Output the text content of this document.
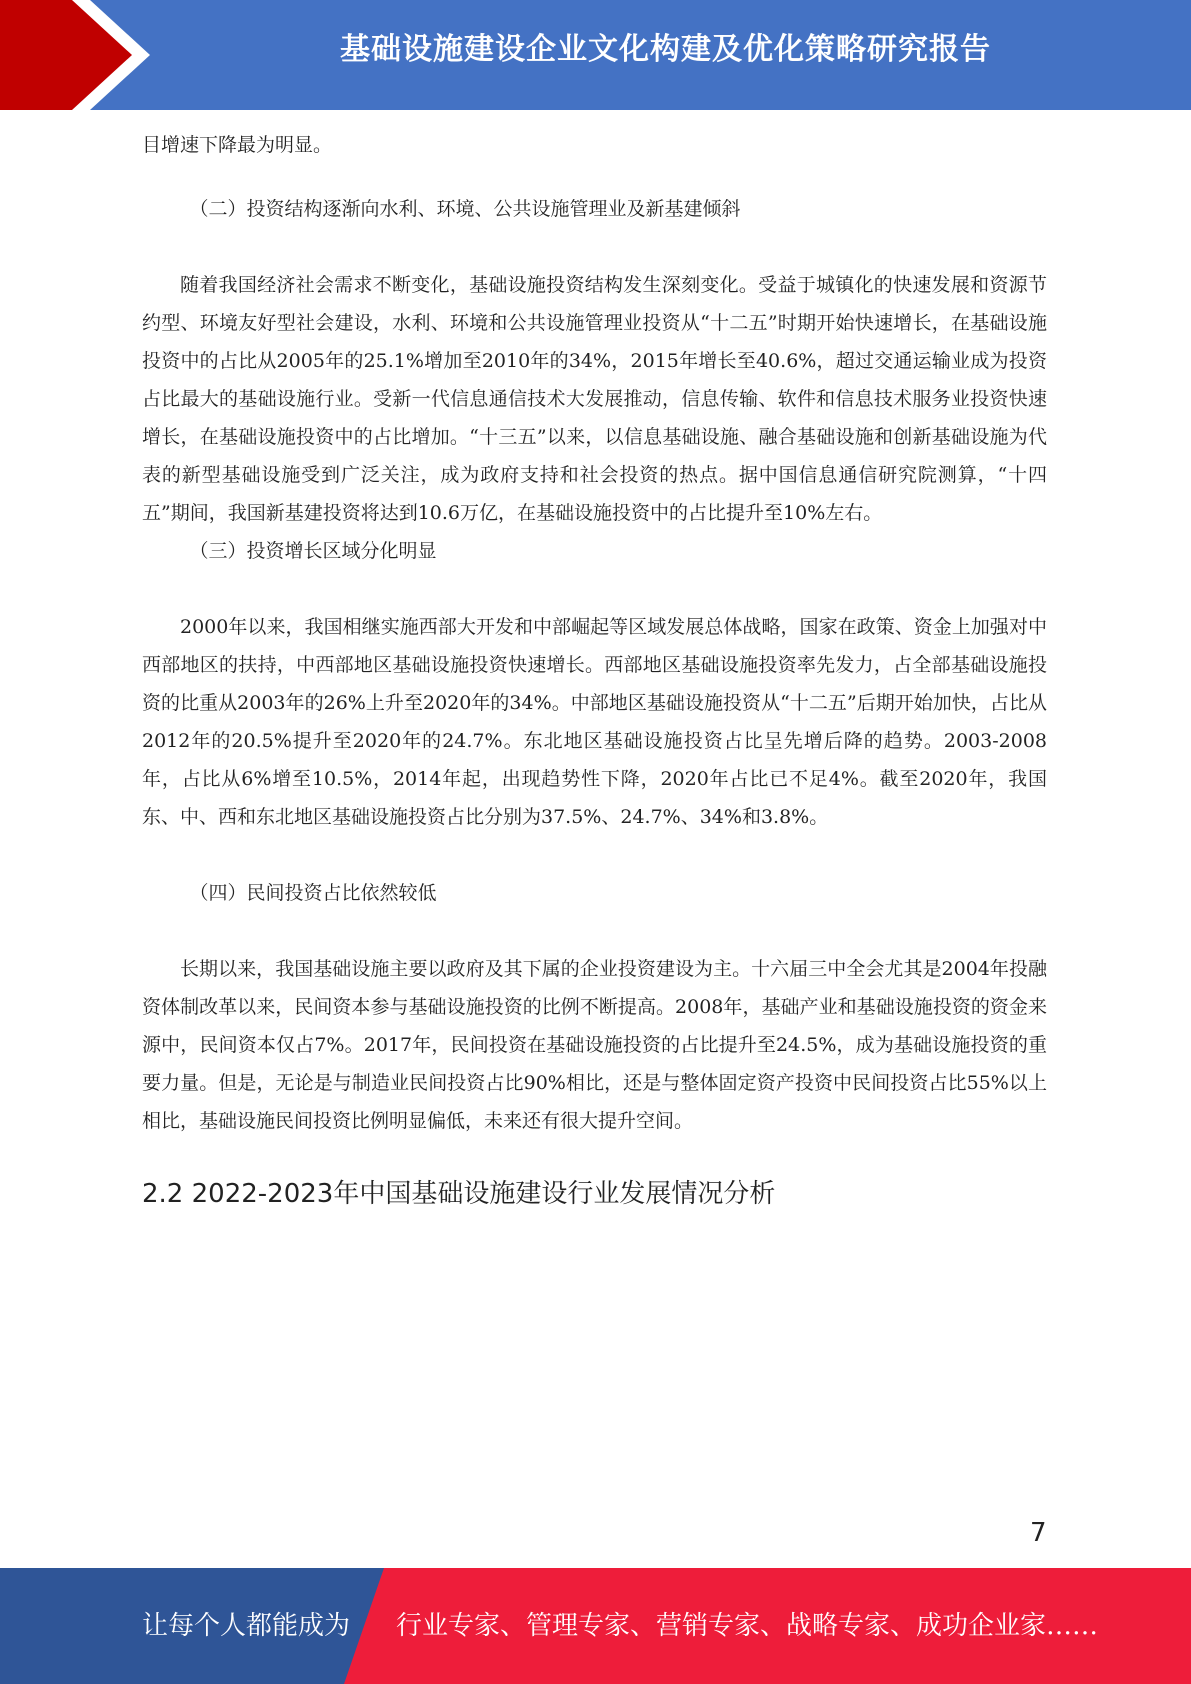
基础设施建设企业文化构建及优化策略研究报告

目增速下降最为明显。

（二）投资结构逐渐向水利、环境、公共设施管理业及新基建倾斜

随着我国经济社会需求不断变化，基础设施投资结构发生深刻变化。受益于城镇化的快速发展和资源节约型、环境友好型社会建设，水利、环境和公共设施管理业投资从“十二五”时期开始快速增长，在基础设施投资中的占比从2005年的25.1%增加至2010年的34%，2015年增长至40.6%，超过交通运输业成为投资占比最大的基础设施行业。受新一代信息通信技术大发展推动，信息传输、软件和信息技术服务业投资快速增长，在基础设施投资中的占比增加。“十三五”以来，以信息基础设施、融合基础设施和创新基础设施为代表的新型基础设施受到广泛关注，成为政府支持和社会投资的热点。据中国信息通信研究院测算，“十四五”期间，我国新基建投资将达到10.6万亿，在基础设施投资中的占比提升至10%左右。

（三）投资增长区域分化明显

2000年以来，我国相继实施西部大开发和中部崛起等区域发展总体战略，国家在政策、资金上加强对中西部地区的扶持，中西部地区基础设施投资快速增长。西部地区基础设施投资率先发力，占全部基础设施投资的比重从2003年的26%上升至2020年的34%。中部地区基础设施投资从“十二五”后期开始加快，占比从2012年的20.5%提升至2020年的24.7%。东北地区基础设施投资占比呈先增后降的趋势。2003-2008年，占比从6%增至10.5%，2014年起，出现趋势性下降，2020年占比已不足4%。截至2020年，我国东、中、西和东北地区基础设施投资占比分别为37.5%、24.7%、34%和3.8%。

（四）民间投资占比依然较低

长期以来，我国基础设施主要以政府及其下属的企业投资建设为主。十六届三中全会尤其是2004年投融资体制改革以来，民间资本参与基础设施投资的比例不断提高。2008年，基础产业和基础设施投资的资金来源中，民间资本仅占7%。2017年，民间投资在基础设施投资的占比提升至24.5%，成为基础设施投资的重要力量。但是，无论是与制造业民间投资占比90%相比，还是与整体固定资产投资中民间投资占比55%以上相比，基础设施民间投资比例明显偏低，未来还有很大提升空间。

2.2 2022-2023年中国基础设施建设行业发展情况分析
7
让每个人都能成为 行业专家、管理专家、营销专家、战略专家、成功企业家……
